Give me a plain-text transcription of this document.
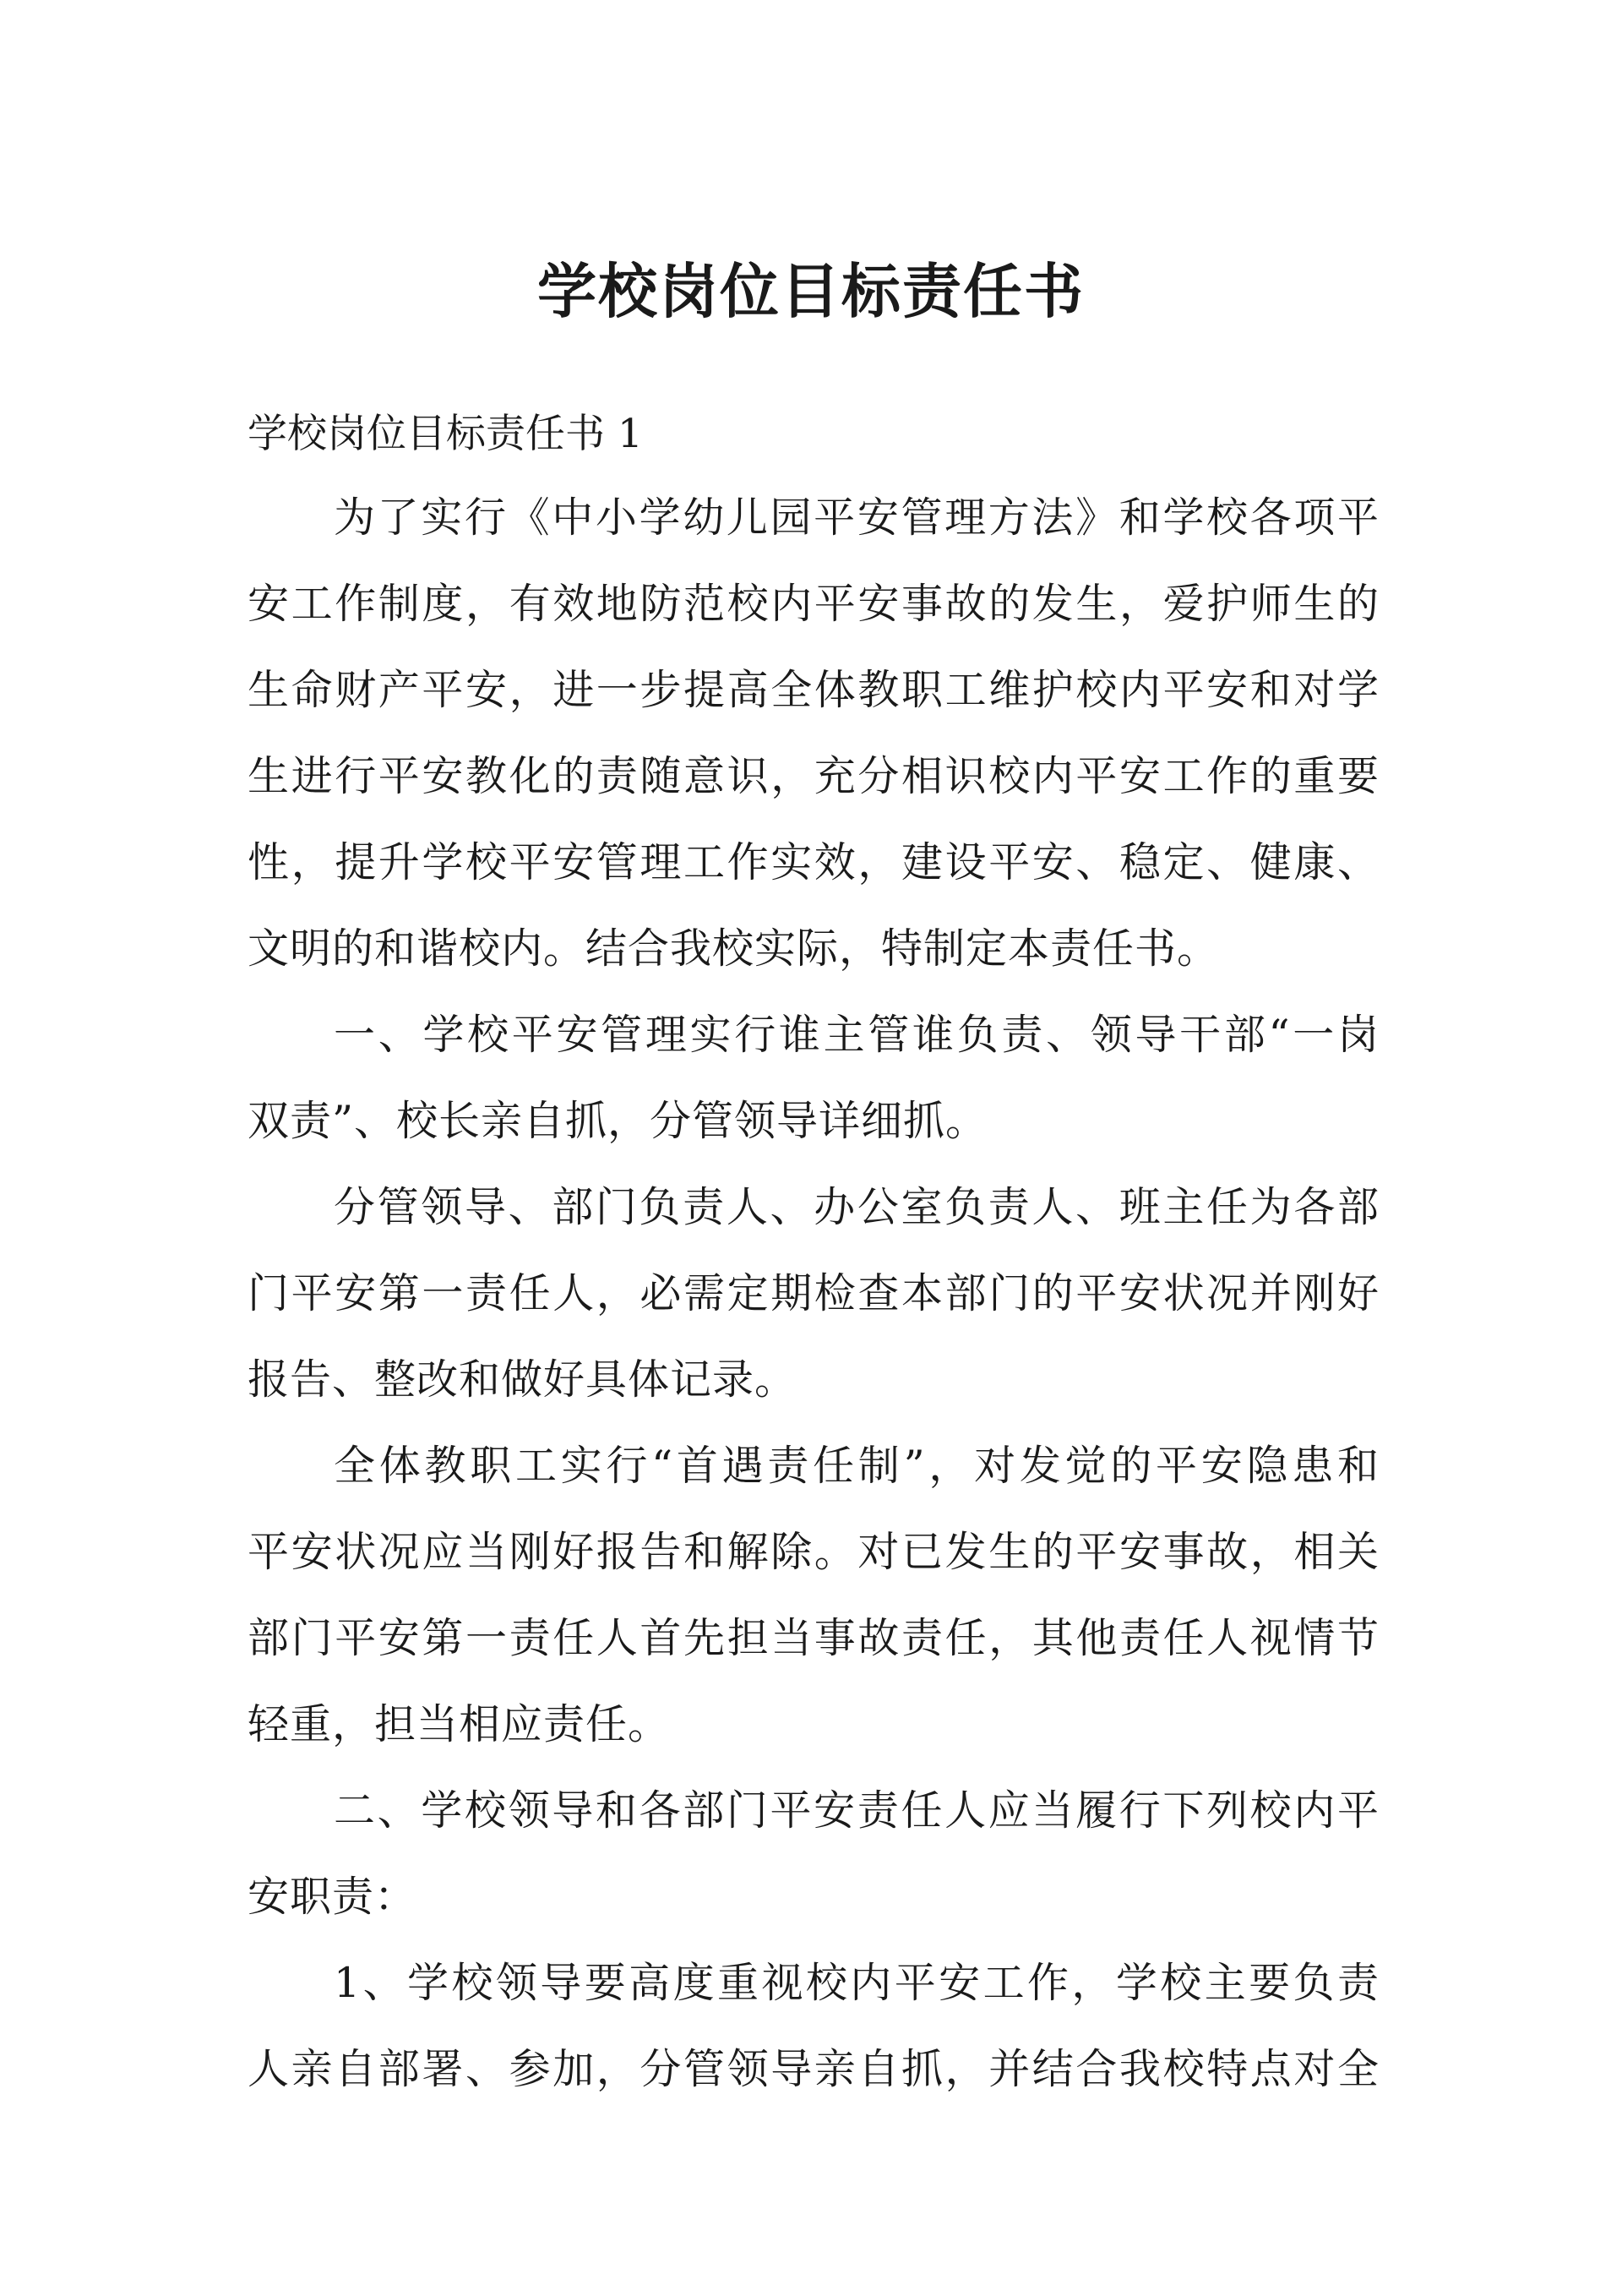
学校岗位目标责任书
学校岗位目标责任书 1
为了实行《中小学幼儿园平安管理方法》和学校各项平
安工作制度，有效地防范校内平安事故的发生，爱护师生的
生命财产平安，进一步提高全体教职工维护校内平安和对学
生进行平安教化的责随意识，充分相识校内平安工作的重要
性，提升学校平安管理工作实效，建设平安、稳定、健康、
文明的和谐校内。结合我校实际，特制定本责任书。
一、学校平安管理实行谁主管谁负责、领导干部“一岗
双责”、校长亲自抓，分管领导详细抓。
分管领导、部门负责人、办公室负责人、班主任为各部
门平安第一责任人，必需定期检查本部门的平安状况并刚好
报告、整改和做好具体记录。
全体教职工实行“首遇责任制”，对发觉的平安隐患和
平安状况应当刚好报告和解除。对已发生的平安事故，相关
部门平安第一责任人首先担当事故责任，其他责任人视情节
轻重，担当相应责任。
二、学校领导和各部门平安责任人应当履行下列校内平
安职责：
1、学校领导要高度重视校内平安工作，学校主要负责
人亲自部署、参加，分管领导亲自抓，并结合我校特点对全
